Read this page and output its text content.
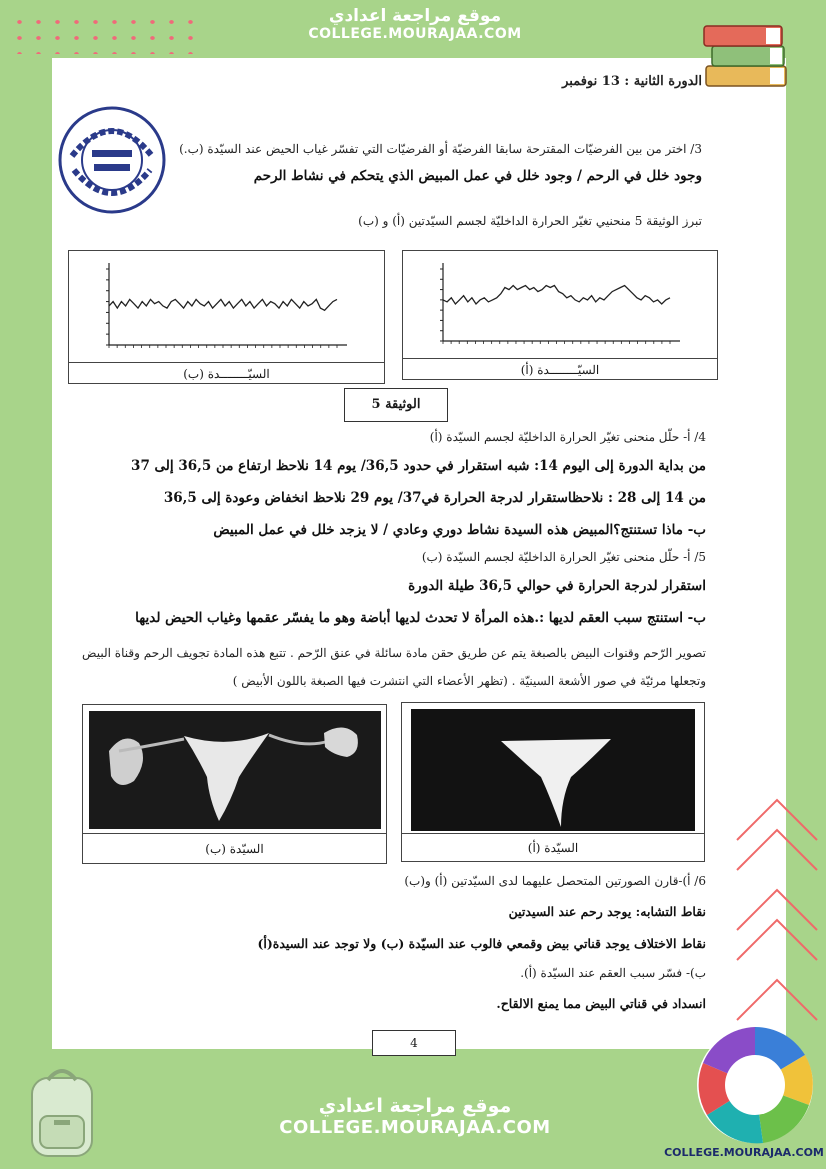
موقع مراجعة اعدادي
COLLEGE.MOURAJAA.COM
الدورة الثانية : 13 نوفمبر
3/ اختر من بين الفرضيّات المقترحة سابقا الفرضيّة أو الفرضيّات التي تفسّر غياب الحيض عند السيّدة (ب.)
وجود خلل في الرحم / وجود خلل في عمل المبيض الذي يتحكم في نشاط الرحم
تبرز الوثيقة 5 منحنيي تغيّر الحرارة الداخليّة لجسم السيّدتين (أ) و (ب)
السيّــــــــدة (ب)	السيّــــــــدة (أ)
الوثيقة 5
4/ أ- حلّل منحنى تغيّر الحرارة الداخليّة لجسم السيّدة (أ)
من بداية الدورة إلى اليوم 14: شبه استقرار في حدود 36,5/ يوم 14 نلاحظ ارتفاع من 36,5 إلى 37
من 14 إلى 28 : نلاحظاستقرار لدرجة الحرارة في37/ يوم 29 نلاحظ انخفاض وعودة إلى 36,5
ب- ماذا تستنتج؟المبيض هذه السيدة نشاط دوري وعادي / لا يزجد خلل في عمل المبيض
5/ أ- حلّل منحنى تغيّر الحرارة الداخليّة لجسم السيّدة (ب)
استقرار لدرجة الحرارة في حوالي 36,5 طيلة الدورة
ب- استنتج سبب العقم لديها :.هذه المرأة لا تحدث لديها أباضة وهو ما يفسّر عقمها وغياب الحيض لديها
تصوير الرّحم وقنوات البيض بالصبغة يتم عن طريق حقن مادة سائلة في عنق الرّحم . تتبع هذه المادة تجويف الرحم وقناة البيض
وتجعلها مرئيّة في صور الأشعة السينيّة . (تظهر الأعضاء التي انتشرت فيها الصبغة باللون الأبيض )
السيّدة (ب)	السيّدة (أ)
6/ أ)-قارن الصورتين المتحصل عليهما لدى السيّدتين (أ) و(ب)
نقاط التشابه: يوجد رحم عند السيدتين
نقاط الاختلاف يوجد قناتي بيض وقمعي فالوب عند السيّدة (ب) ولا توجد عند السيدة(أ)
ب)- فسّر سبب العقم عند السيّدة (أ).
انسداد في قناتي البيض مما يمنع الالقاح.
4
موقع مراجعة اعدادي
COLLEGE.MOURAJAA.COM
COLLEGE.MOURAJAA.COM
